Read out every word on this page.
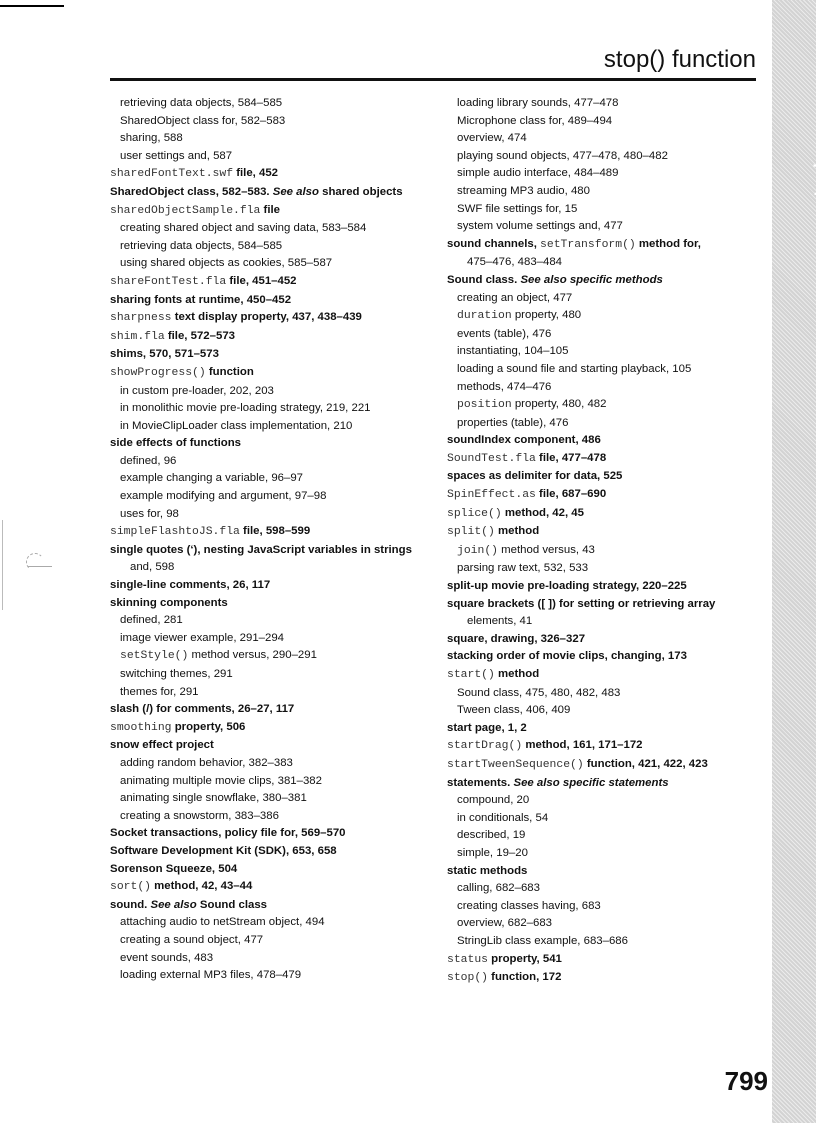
Index
stop() function

retrieving data objects, 584–585

SharedObject class for, 582–583

sharing, 588

user settings and, 587

sharedFontText.swf file, 452

SharedObject class, 582–583. See also shared objects

sharedObjectSample.fla file

creating shared object and saving data, 583–584

retrieving data objects, 584–585

using shared objects as cookies, 585–587

shareFontTest.fla file, 451–452

sharing fonts at runtime, 450–452

sharpness text display property, 437, 438–439

shim.fla file, 572–573

shims, 570, 571–573

showProgress() function

in custom pre-loader, 202, 203

in monolithic movie pre-loading strategy, 219, 221

in MovieClipLoader class implementation, 210

side effects of functions

defined, 96

example changing a variable, 96–97

example modifying and argument, 97–98

uses for, 98

simpleFlashtoJS.fla file, 598–599

single quotes (‘), nesting JavaScript variables in strings

and, 598

single-line comments, 26, 117

skinning components

defined, 281

image viewer example, 291–294

setStyle() method versus, 290–291

switching themes, 291

themes for, 291

slash (/) for comments, 26–27, 117

smoothing property, 506

snow effect project

adding random behavior, 382–383

animating multiple movie clips, 381–382

animating single snowflake, 380–381

creating a snowstorm, 383–386

Socket transactions, policy file for, 569–570

Software Development Kit (SDK), 653, 658

Sorenson Squeeze, 504

sort() method, 42, 43–44

sound. See also Sound class

attaching audio to netStream object, 494

creating a sound object, 477

event sounds, 483

loading external MP3 files, 478–479

loading library sounds, 477–478

Microphone class for, 489–494

overview, 474

playing sound objects, 477–478, 480–482

simple audio interface, 484–489

streaming MP3 audio, 480

SWF file settings for, 15

system volume settings and, 477

sound channels, setTransform() method for,

475–476, 483–484

Sound class. See also specific methods

creating an object, 477

duration property, 480

events (table), 476

instantiating, 104–105

loading a sound file and starting playback, 105

methods, 474–476

position property, 480, 482

properties (table), 476

soundIndex component, 486

SoundTest.fla file, 477–478

spaces as delimiter for data, 525

SpinEffect.as file, 687–690

splice() method, 42, 45

split() method

join() method versus, 43

parsing raw text, 532, 533

split-up movie pre-loading strategy, 220–225

square brackets ([ ]) for setting or retrieving array

elements, 41

square, drawing, 326–327

stacking order of movie clips, changing, 173

start() method

Sound class, 475, 480, 482, 483

Tween class, 406, 409

start page, 1, 2

startDrag() method, 161, 171–172

startTweenSequence() function, 421, 422, 423

statements. See also specific statements

compound, 20

in conditionals, 54

described, 19

simple, 19–20

static methods

calling, 682–683

creating classes having, 683

overview, 682–683

StringLib class example, 683–686

status property, 541

stop() function, 172

799
